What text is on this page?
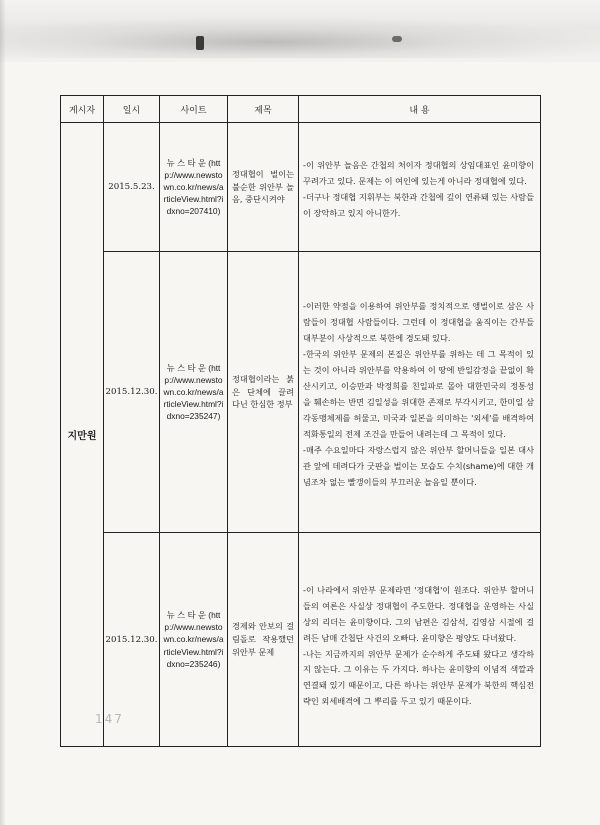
게시자	일시	사이트	제목	내 용
지만원	2015.5.23.	뉴 스 타 운 (http://www.newstown.co.kr/news/articleView.html?idxno=207410)	정대협이 벌이는 불순한 위안부 놀음, 중단시켜야	-이 위안부 놀음은 간첩의 처이자 정대협의 상임대표인 윤미향이 꾸려가고 있다. 문제는 이 여인에 있는게 아니라 정대협에 있다.

-더구나 정대협 지휘부는 북한과 간첩에 깊이 연류돼 있는 사람들이 장악하고 있지 아니한가.

	2015.12.30.	뉴 스 타 운 (http://www.newstown.co.kr/news/articleView.html?idxno=235247)	정대협이라는 붉은 단체에 끌려 다닌 한심한 정부	-이러한 약점을 이용하여 위안부를 정치적으로 앵벌이로 삼은 사람들이 정대협 사람들이다. 그런데 이 정대협을 움직이는 간부들 대부분이 사상적으로 북한에 경도돼 있다.

-한국의 위안부 문제의 본질은 위안부를 위하는 데 그 목적이 있는 것이 아니라 위안부를 악용하여 이 땅에 반일감정을 끝없이 확산시키고, 이승만과 박정희를 친일파로 몰아 대한민국의 정통성을 훼손하는 반면 김일성을 위대한 존재로 부각시키고, 한미일 삼각동맹체제를 허물고, 미국과 일본을 의미하는 '외세'를 배격하여 적화통일의 전제 조건을 만들어 내려는데 그 목적이 있다.

-매주 수요일마다 자랑스럽지 않은 위안부 할머니들을 일본 대사관 앞에 데려다가 굿판을 벌이는 모습도 수치(shame)에 대한 개념조차 없는 빨갱이들의 부끄러운 놀음일 뿐이다.

	2015.12.30.	뉴 스 타 운 (http://www.newstown.co.kr/news/articleView.html?idxno=235246)	경제와 안보의 걸림돌로 작용했던 위안부 문제	-이 나라에서 위안부 문제라면 '정대협'이 원조다. 위안부 할머니들의 여론은 사실상 정대협이 주도한다. 정대협을 운영하는 사실상의 리더는 윤미향이다. 그의 남편은 김삼석, 김영삼 시절에 걸려든 남매 간첩단 사건의 오빠다. 윤미향은 평양도 다녀왔다.

-나는 지금까지의 위안부 문제가 순수하게 주도돼 왔다고 생각하지 않는다. 그 이유는 두 가지다. 하나는 윤미향의 이념적 색깔과 연결돼 있기 때문이고, 다른 하나는 위안부 문제가 북한의 핵심전략인 외세배격에 그 뿌리를 두고 있기 때문이다.

147
